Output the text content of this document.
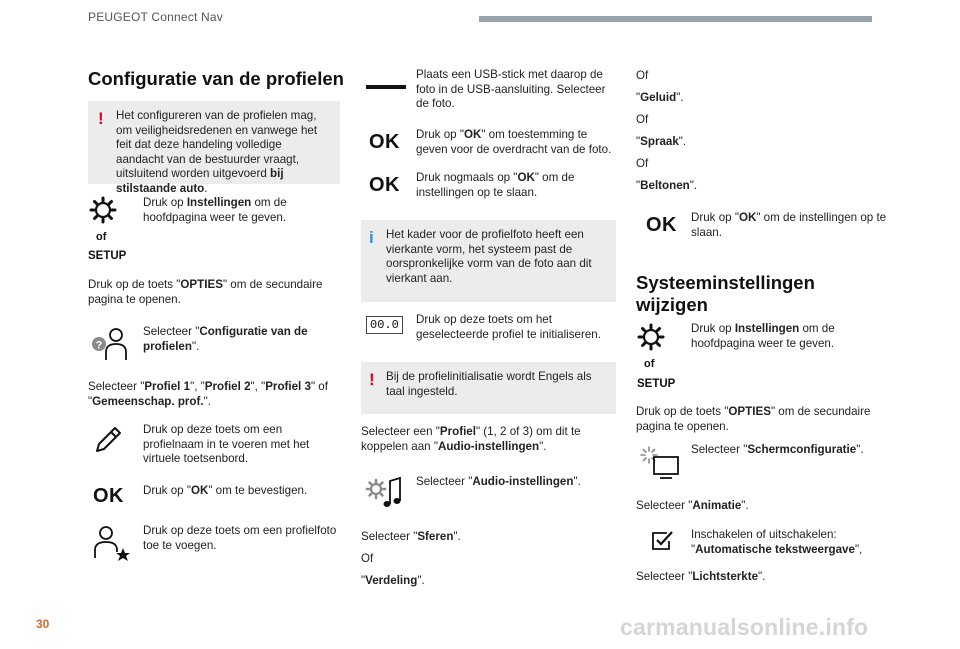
PEUGEOT Connect Nav
Configuratie van de profielen
! Het configureren van de profielen mag, om veiligheidsredenen en vanwege het feit dat deze handeling volledige aandacht van de bestuurder vraagt, uitsluitend worden uitgevoerd bij stilstaande auto.
of
SETUP
Druk op Instellingen om de hoofdpagina weer te geven.
Druk op de toets "OPTIES" om de secundaire pagina te openen.
?
Selecteer "Configuratie van de profielen".
Selecteer "Profiel 1", "Profiel 2", "Profiel 3" of "Gemeenschap. prof.".
Druk op deze toets om een profielnaam in te voeren met het virtuele toetsenbord.
OK Druk op "OK" om te bevestigen.
Druk op deze toets om een profielfoto toe te voegen.
Plaats een USB-stick met daarop de foto in de USB-aansluiting. Selecteer de foto.
OK Druk op "OK" om toestemming te geven voor de overdracht van de foto.
OK Druk nogmaals op "OK" om de instellingen op te slaan.
i Het kader voor de profielfoto heeft een vierkante vorm, het systeem past de oorspronkelijke vorm van de foto aan dit vierkant aan.
00.0	Druk op deze toets om het geselecteerde profiel te initialiseren.
! Bij de profielinitialisatie wordt Engels als taal ingesteld.
Selecteer een "Profiel" (1, 2 of 3) om dit te koppelen aan "Audio-instellingen".
Selecteer "Audio-instellingen".
Selecteer "Sferen".
Of
"Verdeling".
Of
"Geluid".
Of
"Spraak".
Of
"Beltonen".
OK Druk op "OK" om de instellingen op te slaan.
Systeeminstellingen wijzigen
of
SETUP
Druk op Instellingen om de hoofdpagina weer te geven.
Druk op de toets "OPTIES" om de secundaire pagina te openen.
Selecteer "Schermconfiguratie".
Selecteer "Animatie".
Inschakelen of uitschakelen: "Automatische tekstweergave",
Selecteer "Lichtsterkte".
30	carmanualsonline.info
